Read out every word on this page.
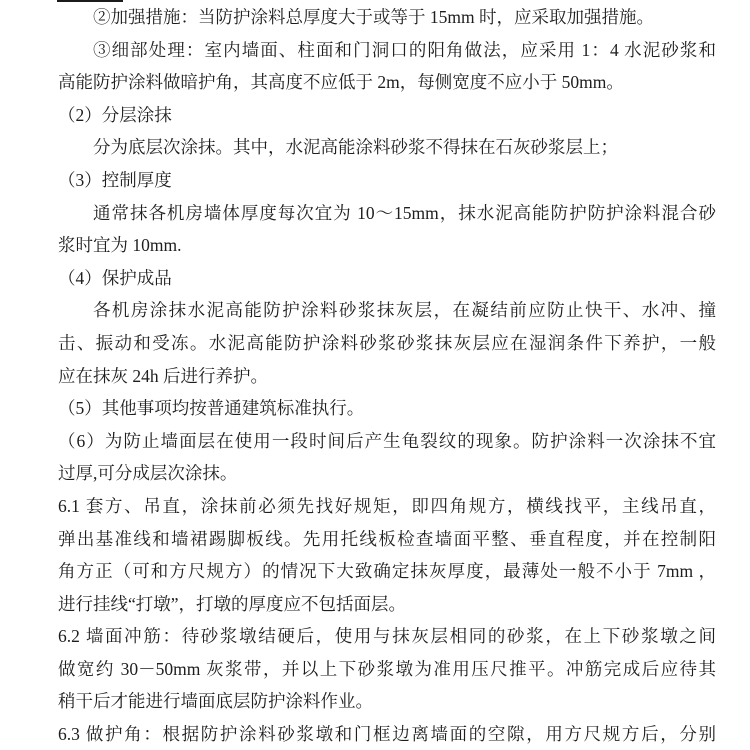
②加强措施：当防护涂料总厚度大于或等于 15mm 时，应采取加强措施。
③细部处理：室内墙面、柱面和门洞口的阳角做法，应采用 1：4 水泥砂浆和
高能防护涂料做暗护角，其高度不应低于 2m，每侧宽度不应小于 50mm。
（2）分层涂抹
分为底层次涂抹。其中，水泥高能涂料砂浆不得抹在石灰砂浆层上；
（3）控制厚度
通常抹各机房墙体厚度每次宜为 10～15mm，抹水泥高能防护防护涂料混合砂
浆时宜为 10mm.
（4）保护成品
各机房涂抹水泥高能防护涂料砂浆抹灰层，在凝结前应防止快干、水冲、撞
击、振动和受冻。水泥高能防护涂料砂浆砂浆抹灰层应在湿润条件下养护，一般
应在抹灰 24h 后进行养护。
（5）其他事项均按普通建筑标准执行。
（6）为防止墙面层在使用一段时间后产生龟裂纹的现象。防护涂料一次涂抹不宜
过厚,可分成层次涂抹。
6.1 套方、吊直，涂抹前必须先找好规矩，即四角规方，横线找平，主线吊直，
弹出基准线和墙裙踢脚板线。先用托线板检查墙面平整、垂直程度，并在控制阳
角方正（可和方尺规方）的情况下大致确定抹灰厚度，最薄处一般不小于 7mm ，
进行挂线“打墩”，打墩的厚度应不包括面层。
6.2 墙面冲筋：待砂浆墩结硬后，使用与抹灰层相同的砂浆，在上下砂浆墩之间
做宽约 30－50mm 灰浆带，并以上下砂浆墩为准用压尺推平。冲筋完成后应待其
稍干后才能进行墙面底层防护涂料作业。
6.3 做护角：根据防护涂料砂浆墩和门框边离墙面的空隙，用方尺规方后，分别
